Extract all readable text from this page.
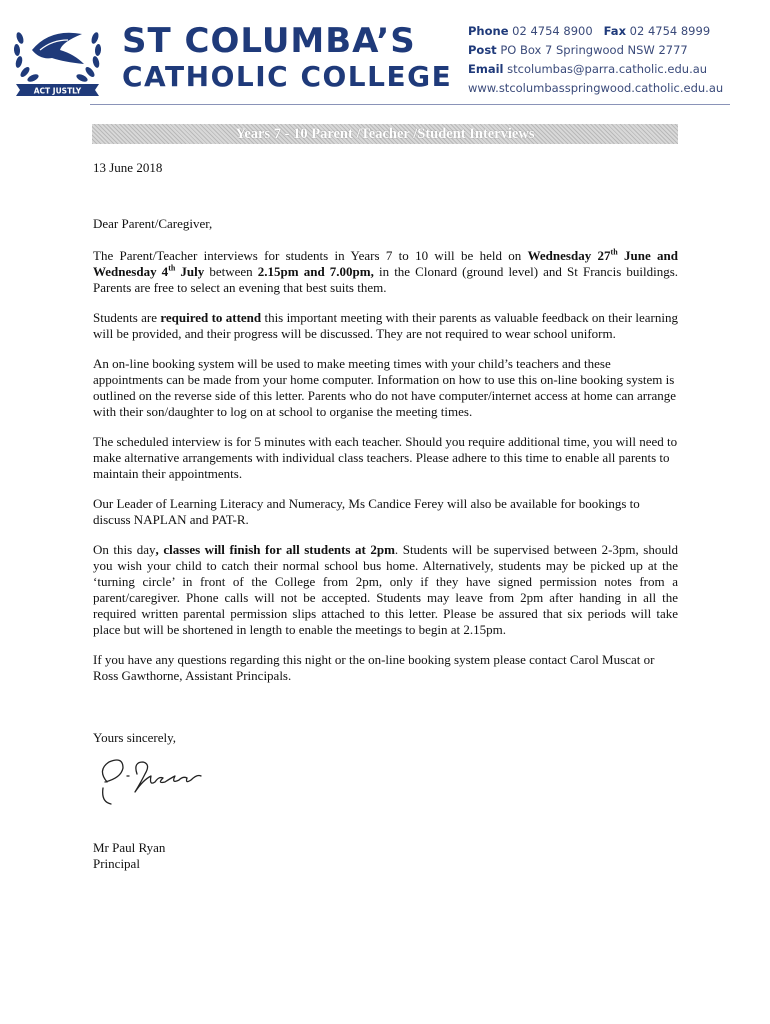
ACT JUSTLY
ST COLUMBA’S
CATHOLIC COLLEGE
Phone 02 4754 8900 Fax 02 4754 8999
Post PO Box 7 Springwood NSW 2777
Email stcolumbas@parra.catholic.edu.au
www.stcolumbasspringwood.catholic.edu.au
Years 7 - 10 Parent /Teacher /Student Interviews

13 June 2018

Dear Parent/Caregiver,

The Parent/Teacher interviews for students in Years 7 to 10 will be held on Wednesday 27th June and Wednesday 4th July between 2.15pm and 7.00pm, in the Clonard (ground level) and St Francis buildings. Parents are free to select an evening that best suits them.

Students are required to attend this important meeting with their parents as valuable feedback on their learning will be provided, and their progress will be discussed. They are not required to wear school uniform.

An on-line booking system will be used to make meeting times with your child’s teachers and these appointments can be made from your home computer. Information on how to use this on-line booking system is outlined on the reverse side of this letter. Parents who do not have computer/internet access at home can arrange with their son/daughter to log on at school to organise the meeting times.

The scheduled interview is for 5 minutes with each teacher. Should you require additional time, you will need to make alternative arrangements with individual class teachers. Please adhere to this time to enable all parents to maintain their appointments.

Our Leader of Learning Literacy and Numeracy, Ms Candice Ferey will also be available for bookings to discuss NAPLAN and PAT-R.

On this day, classes will finish for all students at 2pm. Students will be supervised between 2-3pm, should you wish your child to catch their normal school bus home. Alternatively, students may be picked up at the ‘turning circle’ in front of the College from 2pm, only if they have signed permission notes from a parent/caregiver. Phone calls will not be accepted. Students may leave from 2pm after handing in all the required written parental permission slips attached to this letter. Please be assured that six periods will take place but will be shortened in length to enable the meetings to begin at 2.15pm.

If you have any questions regarding this night or the on-line booking system please contact Carol Muscat or Ross Gawthorne, Assistant Principals.

Yours sincerely,

Mr Paul Ryan

Principal
